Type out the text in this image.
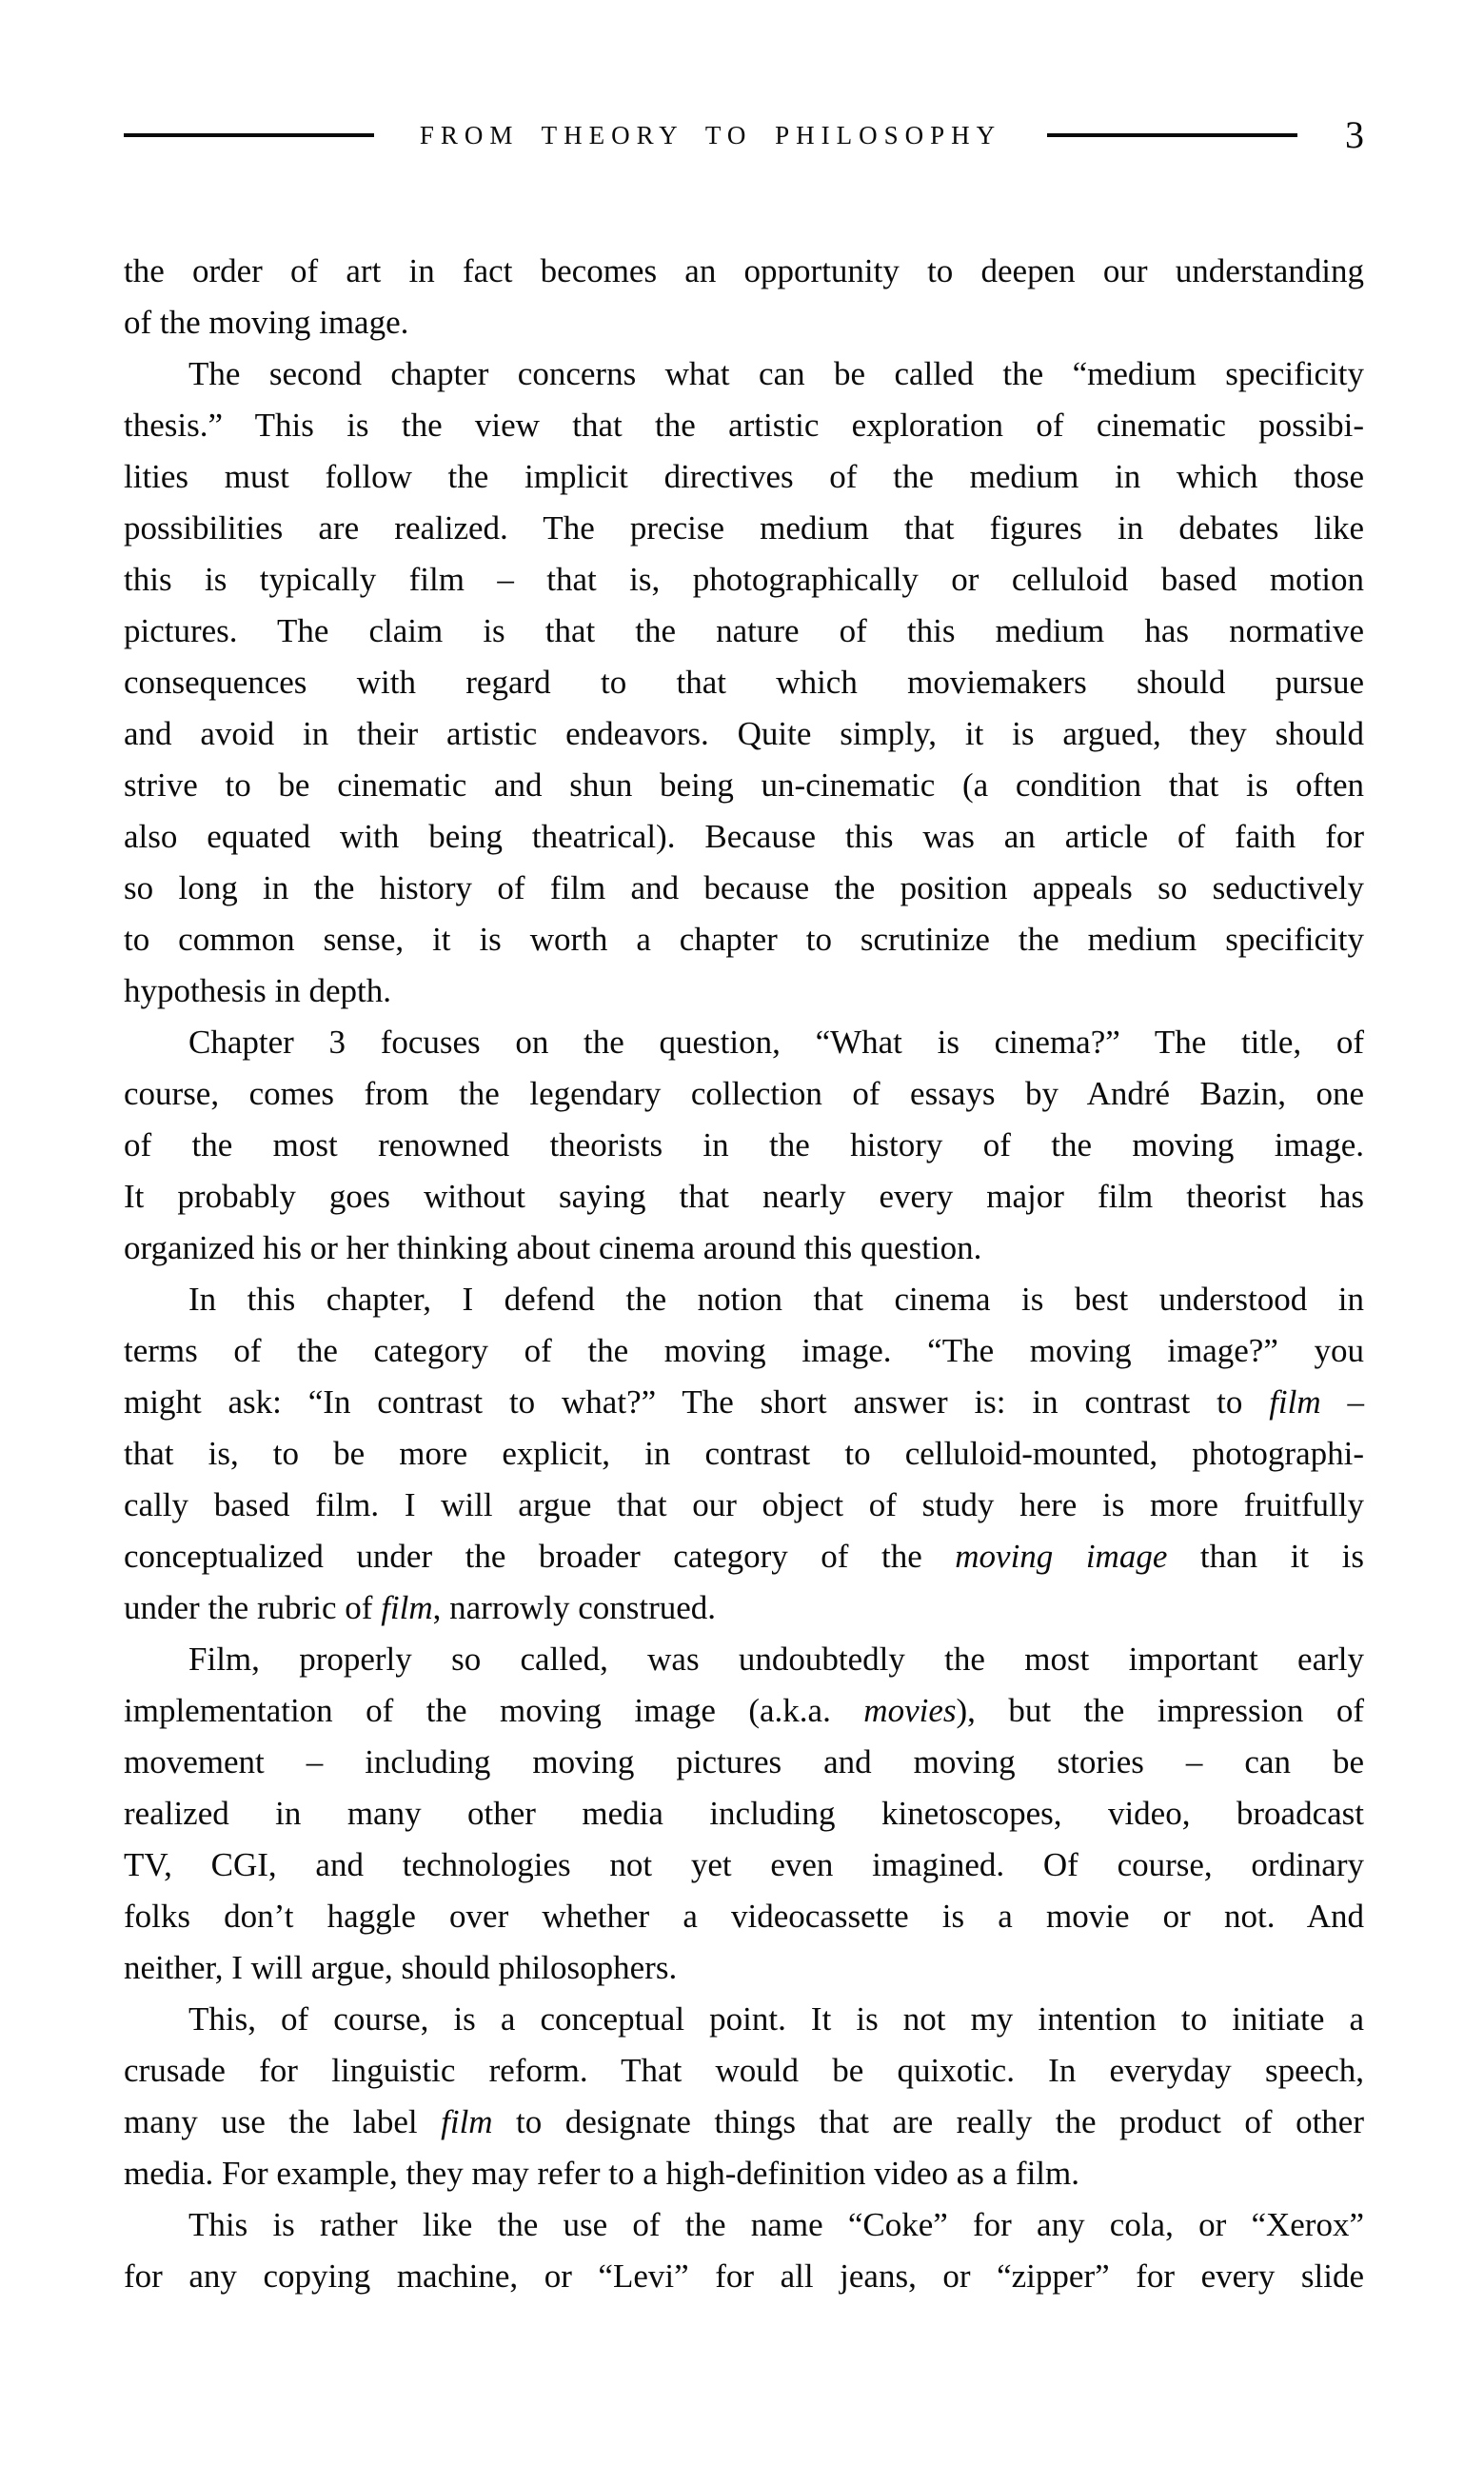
FROM THEORY TO PHILOSOPHY	3
the order of art in fact becomes an opportunity to deepen our understanding
of the moving image.
The second chapter concerns what can be called the “medium specificity
thesis.” This is the view that the artistic exploration of cinematic possibi-
lities must follow the implicit directives of the medium in which those
possibilities are realized. The precise medium that figures in debates like
this is typically film – that is, photographically or celluloid based motion
pictures. The claim is that the nature of this medium has normative
consequences with regard to that which moviemakers should pursue
and avoid in their artistic endeavors. Quite simply, it is argued, they should
strive to be cinematic and shun being un-cinematic (a condition that is often
also equated with being theatrical). Because this was an article of faith for
so long in the history of film and because the position appeals so seductively
to common sense, it is worth a chapter to scrutinize the medium specificity
hypothesis in depth.
Chapter 3 focuses on the question, “What is cinema?” The title, of
course, comes from the legendary collection of essays by André Bazin, one
of the most renowned theorists in the history of the moving image.
It probably goes without saying that nearly every major film theorist has
organized his or her thinking about cinema around this question.
In this chapter, I defend the notion that cinema is best understood in
terms of the category of the moving image. “The moving image?” you
might ask: “In contrast to what?” The short answer is: in contrast to film –
that is, to be more explicit, in contrast to celluloid-mounted, photographi-
cally based film. I will argue that our object of study here is more fruitfully
conceptualized under the broader category of the moving image than it is
under the rubric of film, narrowly construed.
Film, properly so called, was undoubtedly the most important early
implementation of the moving image (a.k.a. movies), but the impression of
movement – including moving pictures and moving stories – can be
realized in many other media including kinetoscopes, video, broadcast
TV, CGI, and technologies not yet even imagined. Of course, ordinary
folks don’t haggle over whether a videocassette is a movie or not. And
neither, I will argue, should philosophers.
This, of course, is a conceptual point. It is not my intention to initiate a
crusade for linguistic reform. That would be quixotic. In everyday speech,
many use the label film to designate things that are really the product of other
media. For example, they may refer to a high-definition video as a film.
This is rather like the use of the name “Coke” for any cola, or “Xerox”
for any copying machine, or “Levi” for all jeans, or “zipper” for every slide
